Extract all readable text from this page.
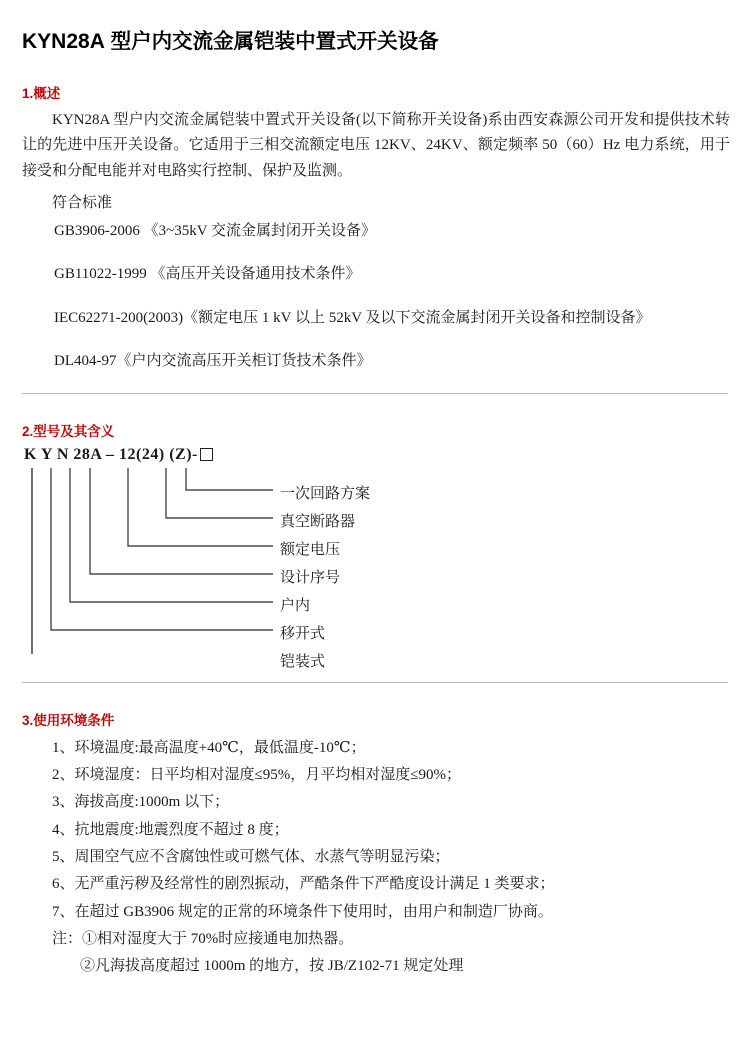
KYN28A 型户内交流金属铠装中置式开关设备
1.概述

KYN28A 型户内交流金属铠装中置式开关设备(以下简称开关设备)系由西安森源公司开发和提供技术转让的先进中压开关设备。它适用于三相交流额定电压 12KV、24KV、额定频率 50（60）Hz 电力系统，用于接受和分配电能并对电路实行控制、保护及监测。

符合标准

GB3906-2006 《3~35kV 交流金属封闭开关设备》

GB11022-1999 《高压开关设备通用技术条件》

IEC62271-200(2003)《额定电压 1 kV 以上 52kV 及以下交流金属封闭开关设备和控制设备》

DL404-97《户内交流高压开关柜订货技术条件》

2.型号及其含义
K Y N 28A – 12(24) (Z)-
一次回路方案
真空断路器
额定电压
设计序号
户内
移开式
铠装式
3.使用环境条件
1、环境温度:最高温度+40℃，最低温度-10℃；
2、环境湿度：日平均相对湿度≤95%，月平均相对湿度≤90%；
3、海拔高度:1000m 以下；
4、抗地震度:地震烈度不超过 8 度；
5、周围空气应不含腐蚀性或可燃气体、水蒸气等明显污染；
6、无严重污秽及经常性的剧烈振动，严酷条件下严酷度设计满足 1 类要求；
7、在超过 GB3906 规定的正常的环境条件下使用时，由用户和制造厂协商。
注：①相对湿度大于 70%时应接通电加热器。
②凡海拔高度超过 1000m 的地方，按 JB/Z102-71 规定处理
